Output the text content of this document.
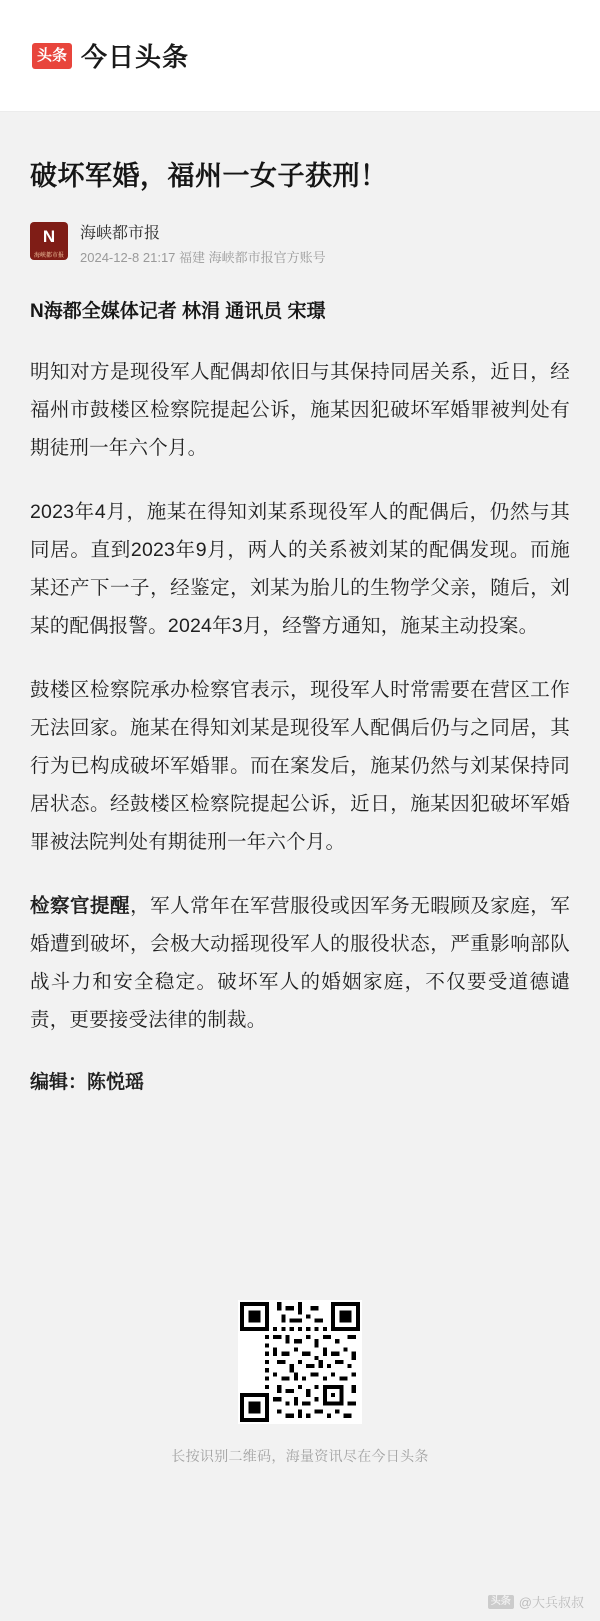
头条 今日头条
破坏军婚，福州一女子获刑！
N
海峡都市报
海峡都市报
2024-12-8 21:17 福建 海峡都市报官方账号

N海都全媒体记者 林涓 通讯员 宋璟

明知对方是现役军人配偶却依旧与其保持同居关系，近日，经福州市鼓楼区检察院提起公诉，施某因犯破坏军婚罪被判处有期徒刑一年六个月。

2023年4月，施某在得知刘某系现役军人的配偶后，仍然与其同居。直到2023年9月，两人的关系被刘某的配偶发现。而施某还产下一子，经鉴定，刘某为胎儿的生物学父亲，随后，刘某的配偶报警。2024年3月，经警方通知，施某主动投案。

鼓楼区检察院承办检察官表示，现役军人时常需要在营区工作无法回家。施某在得知刘某是现役军人配偶后仍与之同居，其行为已构成破坏军婚罪。而在案发后，施某仍然与刘某保持同居状态。经鼓楼区检察院提起公诉，近日，施某因犯破坏军婚罪被法院判处有期徒刑一年六个月。

检察官提醒，军人常年在军营服役或因军务无暇顾及家庭，军婚遭到破坏，会极大动摇现役军人的服役状态，严重影响部队战斗力和安全稳定。破坏军人的婚姻家庭，不仅要受道德谴责，更要接受法律的制裁。

编辑：陈悦瑶

长按识别二维码，海量资讯尽在今日头条
头条 @大兵叔叔
